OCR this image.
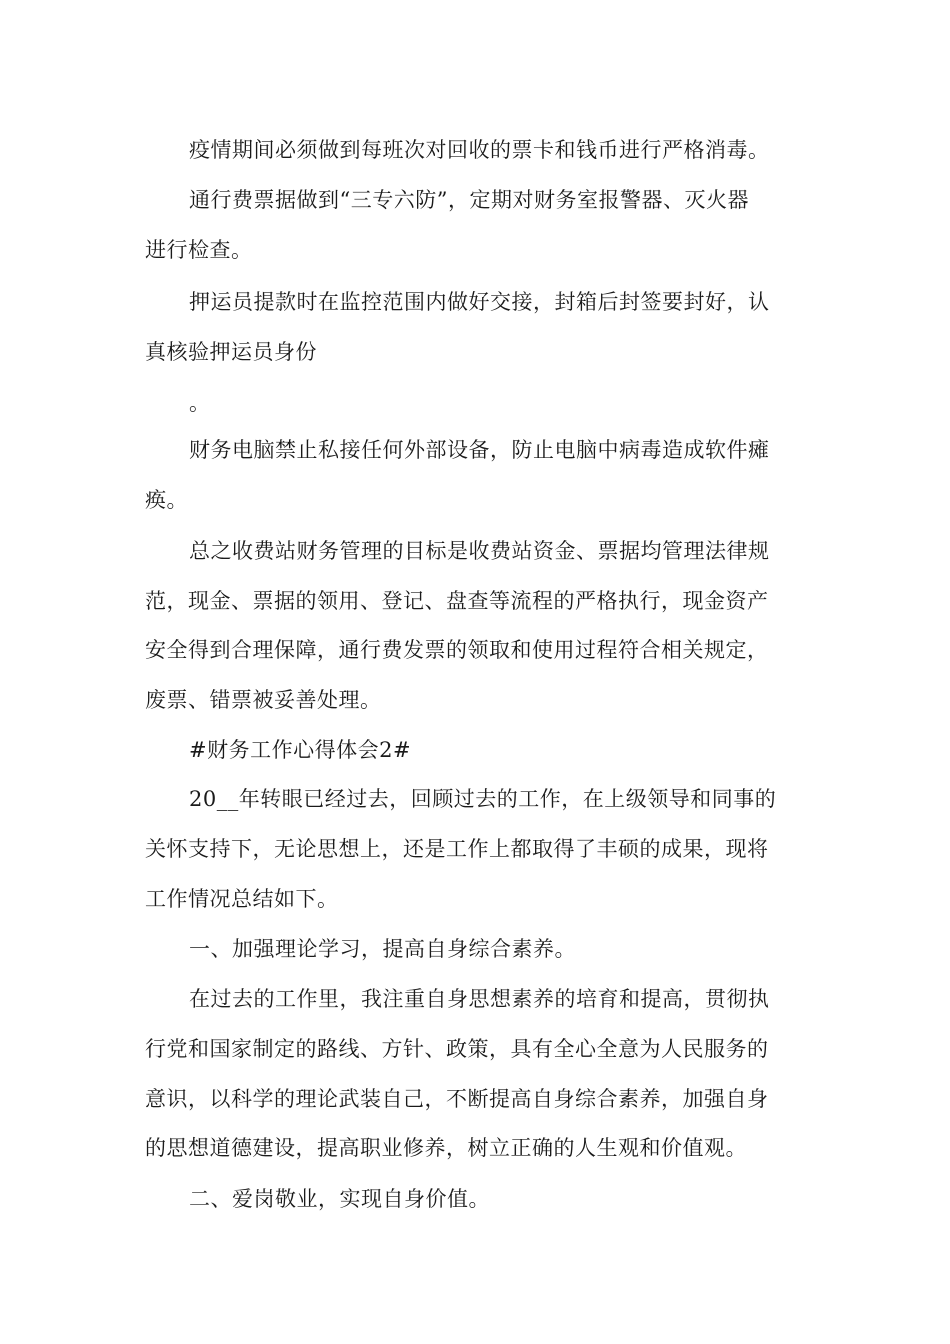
疫情期间必须做到每班次对回收的票卡和钱币进行严格消毒。
通行费票据做到“三专六防”，定期对财务室报警器、灭火器
进行检查。
押运员提款时在监控范围内做好交接，封箱后封签要封好，认
真核验押运员身份
。
财务电脑禁止私接任何外部设备，防止电脑中病毒造成软件瘫
痪。
总之收费站财务管理的目标是收费站资金、票据均管理法律规
范，现金、票据的领用、登记、盘查等流程的严格执行，现金资产
安全得到合理保障，通行费发票的领取和使用过程符合相关规定，
废票、错票被妥善处理。
#财务工作心得体会2#
20__年转眼已经过去，回顾过去的工作，在上级领导和同事的
关怀支持下，无论思想上，还是工作上都取得了丰硕的成果，现将
工作情况总结如下。
一、加强理论学习，提高自身综合素养。
在过去的工作里，我注重自身思想素养的培育和提高，贯彻执
行党和国家制定的路线、方针、政策，具有全心全意为人民服务的
意识，以科学的理论武装自己，不断提高自身综合素养，加强自身
的思想道德建设，提高职业修养，树立正确的人生观和价值观。
二、爱岗敬业，实现自身价值。
